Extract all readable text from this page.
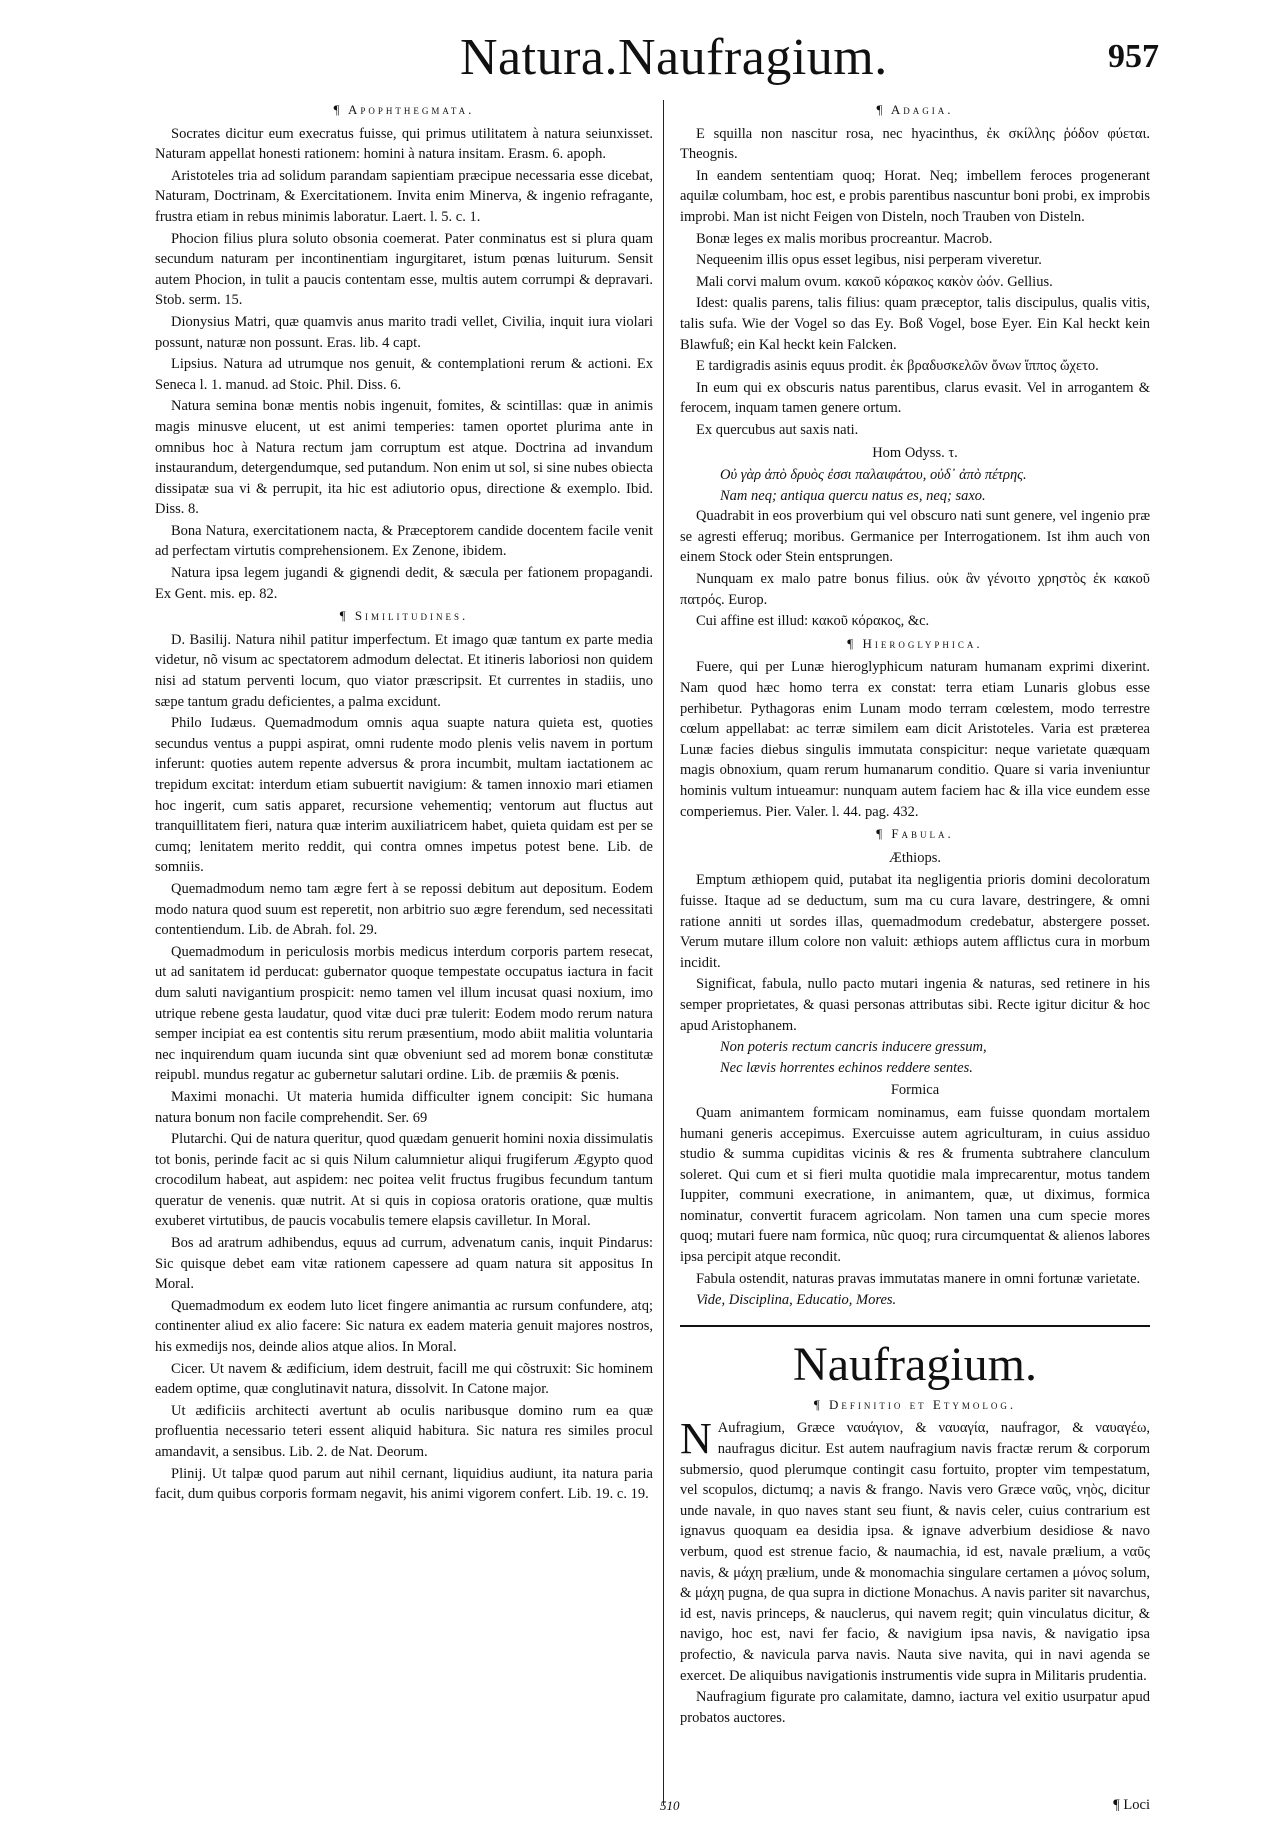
Natura.Naufragium.	957
¶ Apophthegmata.

Socrates dicitur eum execratus fuisse, qui primus utilitatem à natura seiunxisset. Naturam appellat honesti rationem: homini à natura insitam. Erasm. 6. apoph.

Aristoteles tria ad solidum parandam sapientiam præcipue necessaria esse dicebat, Naturam, Doctrinam, & Exercitationem. Invita enim Minerva, & ingenio refragante, frustra etiam in rebus minimis laboratur. Laert. l. 5. c. 1.

Phocion filius plura soluto obsonia coemerat. Pater conminatus est si plura quam secundum naturam per incontinentiam ingurgitaret, istum pœnas luiturum. Sensit autem Phocion, in tulit a paucis contentam esse, multis autem corrumpi & depravari. Stob. serm. 15.

Dionysius Matri, quæ quamvis anus marito tradi vellet, Civilia, inquit iura violari possunt, naturæ non possunt. Eras. lib. 4 capt.

Lipsius. Natura ad utrumque nos genuit, & contemplationi rerum & actioni. Ex Seneca l. 1. manud. ad Stoic. Phil. Diss. 6.

Natura semina bonæ mentis nobis ingenuit, fomites, & scintillas: quæ in animis magis minusve elucent, ut est animi temperies: tamen oportet plurima ante in omnibus hoc à Natura rectum jam corruptum est atque. Doctrina ad invandum instaurandum, detergendumque, sed putandum. Non enim ut sol, si sine nubes obiecta dissipatæ sua vi & perrupit, ita hic est adiutorio opus, directione & exemplo. Ibid. Diss. 8.

Bona Natura, exercitationem nacta, & Præceptorem candide docentem facile venit ad perfectam virtutis comprehensionem. Ex Zenone, ibidem.

Natura ipsa legem jugandi & gignendi dedit, & sæcula per fationem propagandi. Ex Gent. mis. ep. 82.

¶ Similitudines.

D. Basilij. Natura nihil patitur imperfectum. Et imago quæ tantum ex parte media videtur, nõ visum ac spectatorem admodum delectat. Et itineris laboriosi non quidem nisi ad statum perventi locum, quo viator præscripsit. Et currentes in stadiis, uno sæpe tantum gradu deficientes, a palma excidunt.

Philo Iudæus. Quemadmodum omnis aqua suapte natura quieta est, quoties secundus ventus a puppi aspirat, omni rudente modo plenis velis navem in portum inferunt: quoties autem repente adversus & prora incumbit, multam iactationem ac trepidum excitat: interdum etiam subuertit navigium: & tamen innoxio mari etiamen hoc ingerit, cum satis apparet, recursione vehementiq; ventorum aut fluctus aut tranquillitatem fieri, natura quæ interim auxiliatricem habet, quieta quidam est per se cumq; lenitatem merito reddit, qui contra omnes impetus potest bene. Lib. de somniis.

Quemadmodum nemo tam ægre fert à se repossi debitum aut depositum. Eodem modo natura quod suum est reperetit, non arbitrio suo ægre ferendum, sed necessitati contentiendum. Lib. de Abrah. fol. 29.

Quemadmodum in periculosis morbis medicus interdum corporis partem resecat, ut ad sanitatem id perducat: gubernator quoque tempestate occupatus iactura in facit dum saluti navigantium prospicit: nemo tamen vel illum incusat quasi noxium, imo utrique rebene gesta laudatur, quod vitæ duci præ tulerit: Eodem modo rerum natura semper incipiat ea est contentis situ rerum præsentium, modo abiit malitia voluntaria nec inquirendum quam iucunda sint quæ obveniunt sed ad morem bonæ constitutæ reipubl. mundus regatur ac gubernetur salutari ordine. Lib. de præmiis & pœnis.

Maximi monachi. Ut materia humida difficulter ignem concipit: Sic humana natura bonum non facile comprehendit. Ser. 69

Plutarchi. Qui de natura queritur, quod quædam genuerit homini noxia dissimulatis tot bonis, perinde facit ac si quis Nilum calumnietur aliqui frugiferum Ægypto quod crocodilum habeat, aut aspidem: nec poitea velit fructus frugibus fecundum tantum queratur de venenis. quæ nutrit. At si quis in copiosa oratoris oratione, quæ multis exuberet virtutibus, de paucis vocabulis temere elapsis cavilletur. In Moral.

Bos ad aratrum adhibendus, equus ad currum, advenatum canis, inquit Pindarus: Sic quisque debet eam vitæ rationem capessere ad quam natura sit appositus In Moral.

Quemadmodum ex eodem luto licet fingere animantia ac rursum confundere, atq; continenter aliud ex alio facere: Sic natura ex eadem materia genuit majores nostros, his exmedijs nos, deinde alios atque alios. In Moral.

Cicer. Ut navem & ædificium, idem destruit, facill me qui cõstruxit: Sic hominem eadem optime, quæ conglutinavit natura, dissolvit. In Catone major.

Ut ædificiis architecti avertunt ab oculis naribusque domino rum ea quæ profluentia necessario teteri essent aliquid habitura. Sic natura res similes procul amandavit, a sensibus. Lib. 2. de Nat. Deorum.

Plinij. Ut talpæ quod parum aut nihil cernant, liquidius audiunt, ita natura paria facit, dum quibus corporis formam negavit, his animi vigorem confert. Lib. 19. c. 19.

¶ Adagia.

E squilla non nascitur rosa, nec hyacinthus, ἐκ σκίλλης ῥόδον φύεται. Theognis.

In eandem sententiam quoq; Horat. Neq; imbellem feroces progenerant aquilæ columbam, hoc est, e probis parentibus nascuntur boni probi, ex improbis improbi. Man ist nicht Feigen von Disteln, noch Trauben von Disteln.

Bonæ leges ex malis moribus procreantur. Macrob.

Nequeenim illis opus esset legibus, nisi perperam viveretur.

Mali corvi malum ovum. κακοῦ κόρακος κακὸν ὠόν. Gellius.

Idest: qualis parens, talis filius: quam præceptor, talis discipulus, qualis vitis, talis sufa. Wie der Vogel so das Ey. Boß Vogel, bose Eyer. Ein Kal heckt kein Blawfuß; ein Kal heckt kein Falcken.

E tardigradis asinis equus prodit. ἐκ βραδυσκελῶν ὄνων ἵππος ὤχετο.

In eum qui ex obscuris natus parentibus, clarus evasit. Vel in arrogantem & ferocem, inquam tamen genere ortum.

Ex quercubus aut saxis nati.

Hom Odyss. τ.

Οὐ γὰρ ἀπὸ δρυὸς ἐσσι παλαιφάτου, οὐδ᾿ ἀπὸ πέτρης.

Nam neq; antiqua quercu natus es, neq; saxo.

Quadrabit in eos proverbium qui vel obscuro nati sunt genere, vel ingenio præ se agresti efferuq; moribus. Germanice per Interrogationem. Ist ihm auch von einem Stock oder Stein entsprungen.

Nunquam ex malo patre bonus filius. οὐκ ἂν γένοιτο χρηστὸς ἐκ κακοῦ πατρός. Europ.

Cui affine est illud: κακοῦ κόρακος, &c.

¶ Hieroglyphica.

Fuere, qui per Lunæ hieroglyphicum naturam humanam exprimi dixerint. Nam quod hæc homo terra ex constat: terra etiam Lunaris globus esse perhibetur. Pythagoras enim Lunam modo terram cœlestem, modo terrestre cœlum appellabat: ac terræ similem eam dicit Aristoteles. Varia est præterea Lunæ facies diebus singulis immutata conspicitur: neque varietate quæquam magis obnoxium, quam rerum humanarum conditio. Quare si varia inveniuntur hominis vultum intueamur: nunquam autem faciem hac & illa vice eundem esse comperiemus. Pier. Valer. l. 44. pag. 432.

¶ Fabula.
Æthiops.

Emptum æthiopem quid, putabat ita negligentia prioris domini decoloratum fuisse. Itaque ad se deductum, sum ma cu cura lavare, destringere, & omni ratione anniti ut sordes illas, quemadmodum credebatur, abstergere posset. Verum mutare illum colore non valuit: æthiops autem afflictus cura in morbum incidit.

Significat, fabula, nullo pacto mutari ingenia & naturas, sed retinere in his semper proprietates, & quasi personas attributas sibi. Recte igitur dicitur & hoc apud Aristophanem.

Non poteris rectum cancris inducere gressum,

Nec lævis horrentes echinos reddere sentes.

Formica

Quam animantem formicam nominamus, eam fuisse quondam mortalem humani generis accepimus. Exercuisse autem agriculturam, in cuius assiduo studio & summa cupiditas vicinis & res & frumenta subtrahere clanculum soleret. Qui cum et si fieri multa quotidie mala imprecarentur, motus tandem Iuppiter, communi execratione, in animantem, quæ, ut diximus, formica nominatur, convertit furacem agricolam. Non tamen una cum specie mores quoq; mutari fuere nam formica, nũc quoq; rura circumquentat & alienos labores ipsa percipit atque recondit.

Fabula ostendit, naturas pravas immutatas manere in omni fortunæ varietate.

Vide, Disciplina, Educatio, Mores.

Naufragium.
¶ Definitio et Etymolog.

N Aufragium, Græce ναυάγιον, & ναυαγία, naufragor, & ναυαγέω, naufragus dicitur. Est autem naufragium navis fractæ rerum & corporum submersio, quod plerumque contingit casu fortuito, propter vim tempestatum, vel scopulos, dictumq; a navis & frango. Navis vero Græce ναῦς, νηὸς, dicitur unde navale, in quo naves stant seu fiunt, & navis celer, cuius contrarium est ignavus quoquam ea desidia ipsa. & ignave adverbium desidiose & navo verbum, quod est strenue facio, & naumachia, id est, navale prælium, a ναῦς navis, & μάχη prælium, unde & monomachia singulare certamen a μόνος solum, & μάχη pugna, de qua supra in dictione Monachus. A navis pariter sit navarchus, id est, navis princeps, & nauclerus, qui navem regit; quin vinculatus dicitur, & navigo, hoc est, navi fer facio, & navigium ipsa navis, & navigatio ipsa profectio, & navicula parva navis. Nauta sive navita, qui in navi agenda se exercet. De aliquibus navigationis instrumentis vide supra in Militaris prudentia.

Naufragium figurate pro calamitate, damno, iactura vel exitio usurpatur apud probatos auctores.

¶ Loci
510
